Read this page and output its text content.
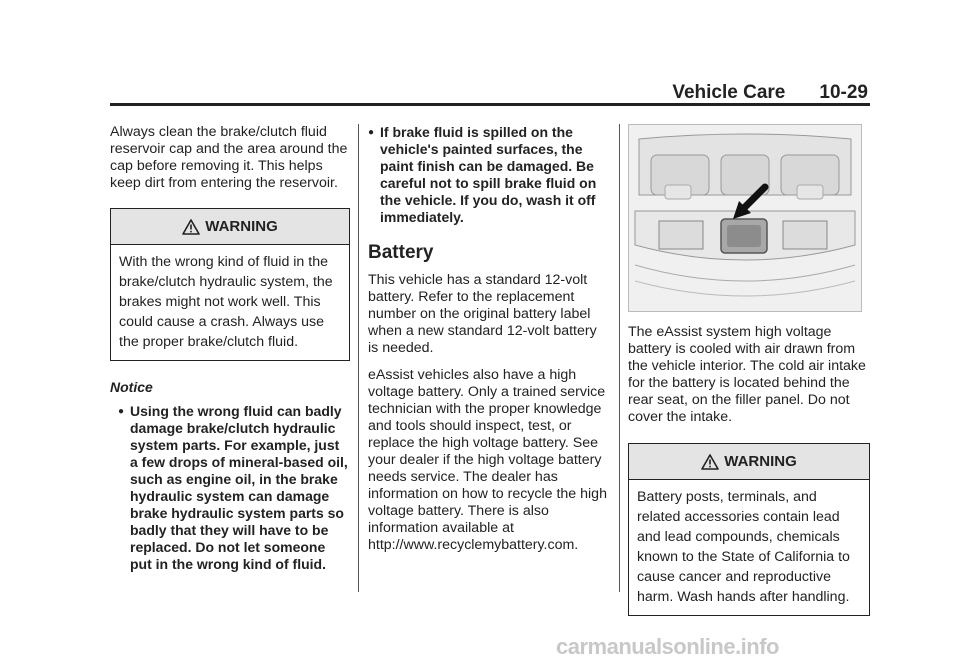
Vehicle Care 10-29

Always clean the brake/clutch fluid reservoir cap and the area around the cap before removing it. This helps keep dirt from entering the reservoir.

WARNING
With the wrong kind of fluid in the brake/clutch hydraulic system, the brakes might not work well. This could cause a crash. Always use the proper brake/clutch fluid.
Notice
● Using the wrong fluid can badly damage brake/clutch hydraulic system parts. For example, just a few drops of mineral-based oil, such as engine oil, in the brake hydraulic system can damage brake hydraulic system parts so badly that they will have to be replaced. Do not let someone put in the wrong kind of fluid.
● If brake fluid is spilled on the vehicle's painted surfaces, the paint finish can be damaged. Be careful not to spill brake fluid on the vehicle. If you do, wash it off immediately.
Battery

This vehicle has a standard 12-volt battery. Refer to the replacement number on the original battery label when a new standard 12-volt battery is needed.

eAssist vehicles also have a high voltage battery. Only a trained service technician with the proper knowledge and tools should inspect, test, or replace the high voltage battery. See your dealer if the high voltage battery needs service. The dealer has information on how to recycle the high voltage battery. There is also information available at http://www.recyclemybattery.com.

The eAssist system high voltage battery is cooled with air drawn from the vehicle interior. The cold air intake for the battery is located behind the rear seat, on the filler panel. Do not cover the intake.

WARNING
Battery posts, terminals, and related accessories contain lead and lead compounds, chemicals known to the State of California to cause cancer and reproductive harm. Wash hands after handling.
carmanualsonline.info
